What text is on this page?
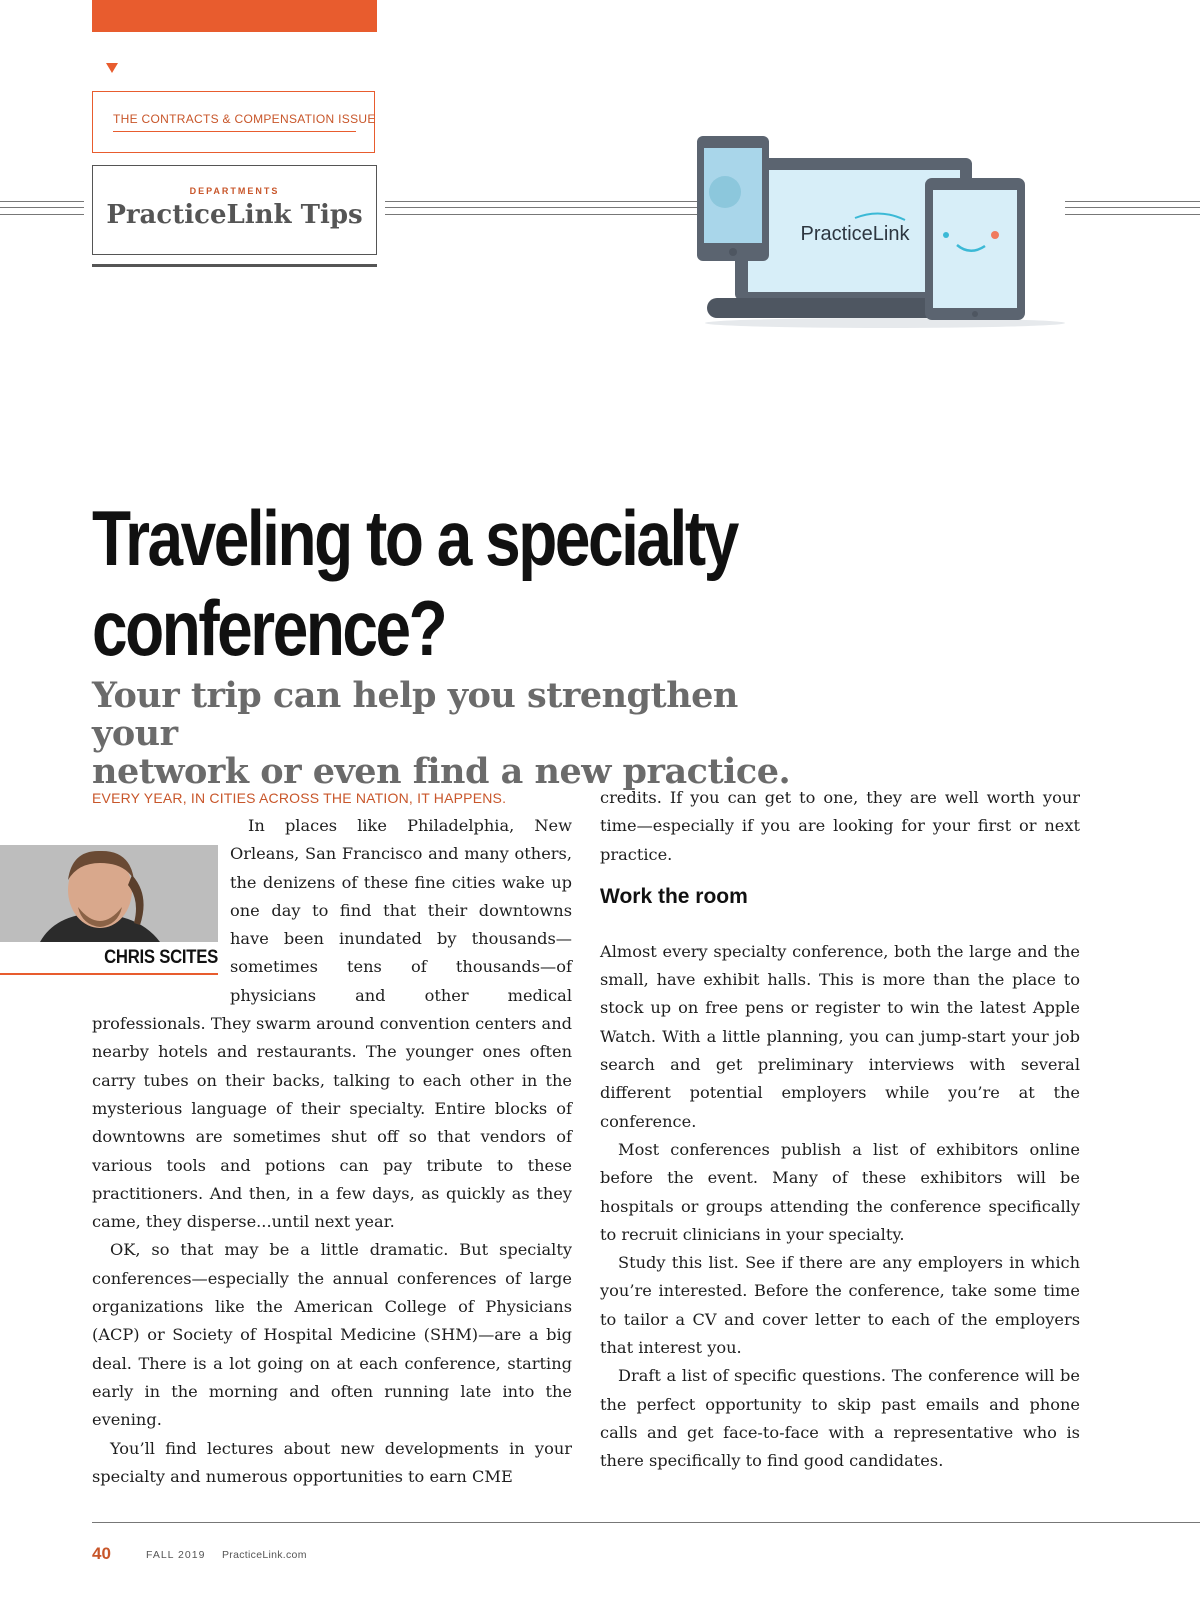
THE CONTRACTS & COMPENSATION ISSUE
DEPARTMENTS
PracticeLink Tips
PracticeLink
Traveling to a specialty
conference?
Your trip can help you strengthen your
network or even find a new practice.
CHRIS SCITES

EVERY YEAR, IN CITIES ACROSS THE NATION, IT HAPPENS.

In places like Philadelphia, New Orleans, San Francisco and many others, the denizens of these fine cities wake up one day to find that their downtowns have been inundated by thousands—sometimes tens of thousands—of physicians and other medical professionals. They swarm around convention centers and nearby hotels and restaurants. The younger ones often carry tubes on their backs, talking to each other in the mysterious language of their specialty. Entire blocks of downtowns are sometimes shut off so that vendors of various tools and potions can pay tribute to these practitioners. And then, in a few days, as quickly as they came, they disperse...until next year.

OK, so that may be a little dramatic. But specialty conferences—especially the annual conferences of large organizations like the American College of Physicians (ACP) or Society of Hospital Medicine (SHM)—are a big deal. There is a lot going on at each conference, starting early in the morning and often running late into the evening.

You’ll find lectures about new developments in your specialty and numerous opportunities to earn CME

credits. If you can get to one, they are well worth your time—especially if you are looking for your first or next practice.

Work the room

Almost every specialty conference, both the large and the small, have exhibit halls. This is more than the place to stock up on free pens or register to win the latest Apple Watch. With a little planning, you can jump-start your job search and get preliminary interviews with several different potential employers while you’re at the conference.

Most conferences publish a list of exhibitors online before the event. Many of these exhibitors will be hospitals or groups attending the conference specifically to recruit clinicians in your specialty.

Study this list. See if there are any employers in which you’re interested. Before the conference, take some time to tailor a CV and cover letter to each of the employers that interest you.

Draft a list of specific questions. The conference will be the perfect opportunity to skip past emails and phone calls and get face-to-face with a representative who is there specifically to find good candidates.

40	FALL 2019 PracticeLink.com
